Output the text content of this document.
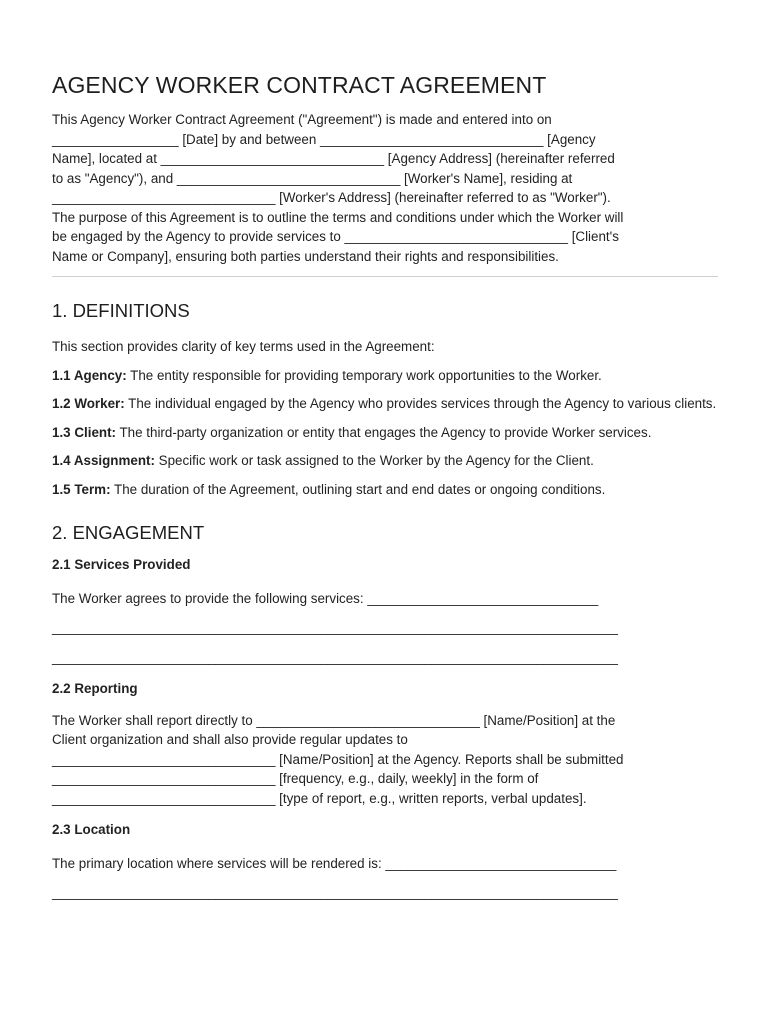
AGENCY WORKER CONTRACT AGREEMENT

This Agency Worker Contract Agreement ("Agreement") is made and entered into on
_________________ [Date] by and between ______________________________ [Agency
Name], located at ______________________________ [Agency Address] (hereinafter referred
to as "Agency"), and ______________________________ [Worker's Name], residing at
______________________________ [Worker's Address] (hereinafter referred to as "Worker").
The purpose of this Agreement is to outline the terms and conditions under which the Worker will
be engaged by the Agency to provide services to ______________________________ [Client's
Name or Company], ensuring both parties understand their rights and responsibilities.

1. DEFINITIONS

This section provides clarity of key terms used in the Agreement:

1.1 Agency: The entity responsible for providing temporary work opportunities to the Worker.

1.2 Worker: The individual engaged by the Agency who provides services through the Agency to various clients.

1.3 Client: The third-party organization or entity that engages the Agency to provide Worker services.

1.4 Assignment: Specific work or task assigned to the Worker by the Agency for the Client.

1.5 Term: The duration of the Agreement, outlining start and end dates or ongoing conditions.

2. ENGAGEMENT
2.1 Services Provided

The Worker agrees to provide the following services: _______________________________

____________________________________________________________________________

____________________________________________________________________________

2.2 Reporting

The Worker shall report directly to ______________________________ [Name/Position] at the
Client organization and shall also provide regular updates to
______________________________ [Name/Position] at the Agency. Reports shall be submitted
______________________________ [frequency, e.g., daily, weekly] in the form of
______________________________ [type of report, e.g., written reports, verbal updates].

2.3 Location

The primary location where services will be rendered is: _______________________________

____________________________________________________________________________
